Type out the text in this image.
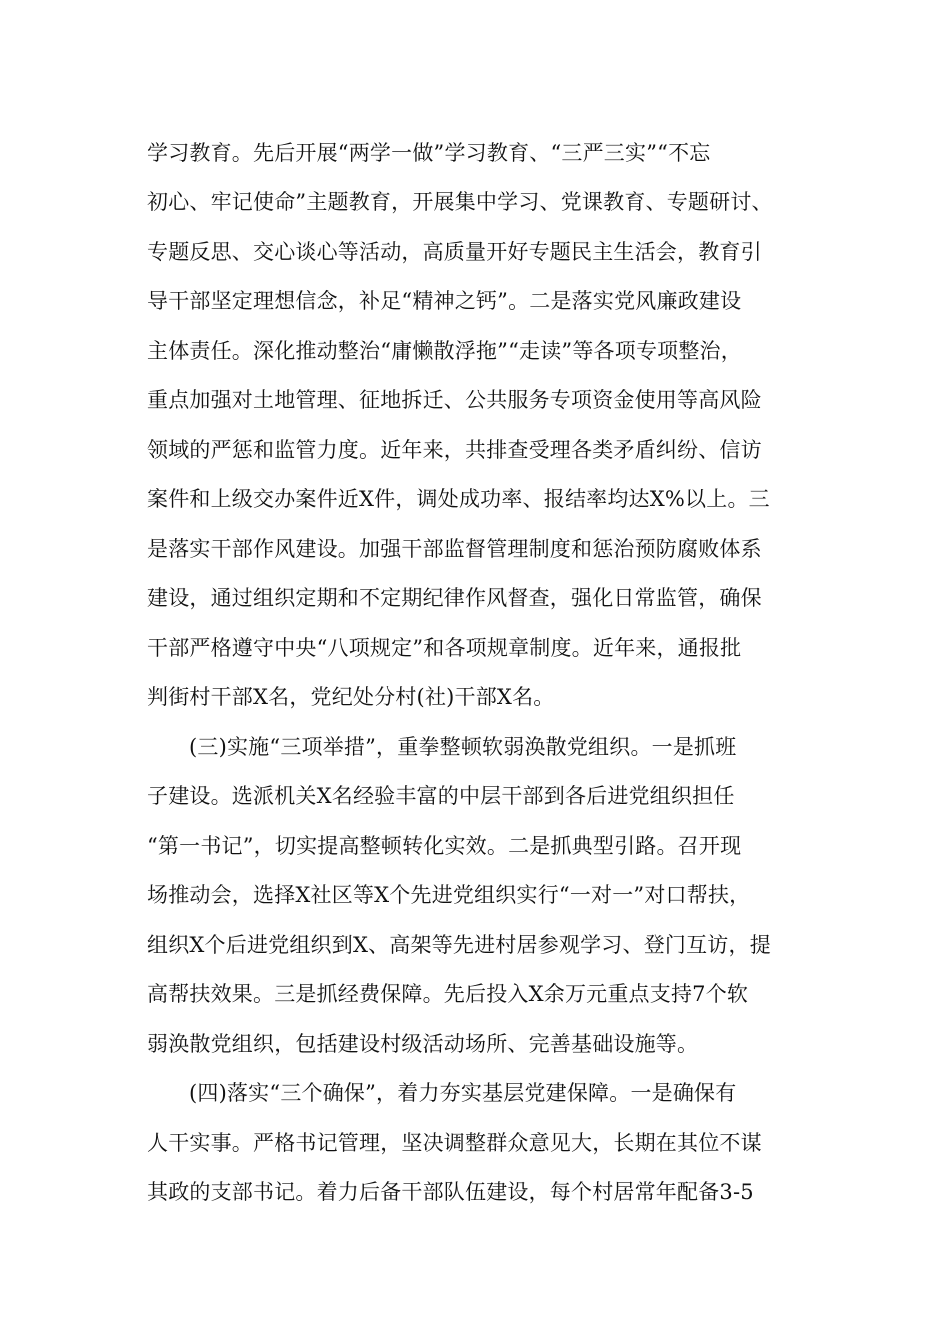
学习教育。先后开展“两学一做”学习教育、“三严三实”“不忘
初心、牢记使命”主题教育，开展集中学习、党课教育、专题研讨、
专题反思、交心谈心等活动，高质量开好专题民主生活会，教育引
导干部坚定理想信念，补足“精神之钙”。二是落实党风廉政建设
主体责任。深化推动整治“庸懒散浮拖”“走读”等各项专项整治，
重点加强对土地管理、征地拆迁、公共服务专项资金使用等高风险
领域的严惩和监管力度。近年来，共排查受理各类矛盾纠纷、信访
案件和上级交办案件近X件，调处成功率、报结率均达X%以上。三
是落实干部作风建设。加强干部监督管理制度和惩治预防腐败体系
建设，通过组织定期和不定期纪律作风督查，强化日常监管，确保
干部严格遵守中央“八项规定”和各项规章制度。近年来，通报批
判街村干部X名，党纪处分村(社)干部X名。
(三)实施“三项举措”，重拳整顿软弱涣散党组织。一是抓班
子建设。选派机关X名经验丰富的中层干部到各后进党组织担任
“第一书记”，切实提高整顿转化实效。二是抓典型引路。召开现
场推动会，选择X社区等X个先进党组织实行“一对一”对口帮扶，
组织X个后进党组织到X、高架等先进村居参观学习、登门互访，提
高帮扶效果。三是抓经费保障。先后投入X余万元重点支持7个软
弱涣散党组织，包括建设村级活动场所、完善基础设施等。
(四)落实“三个确保”，着力夯实基层党建保障。一是确保有
人干实事。严格书记管理，坚决调整群众意见大，长期在其位不谋
其政的支部书记。着力后备干部队伍建设，每个村居常年配备3-5
